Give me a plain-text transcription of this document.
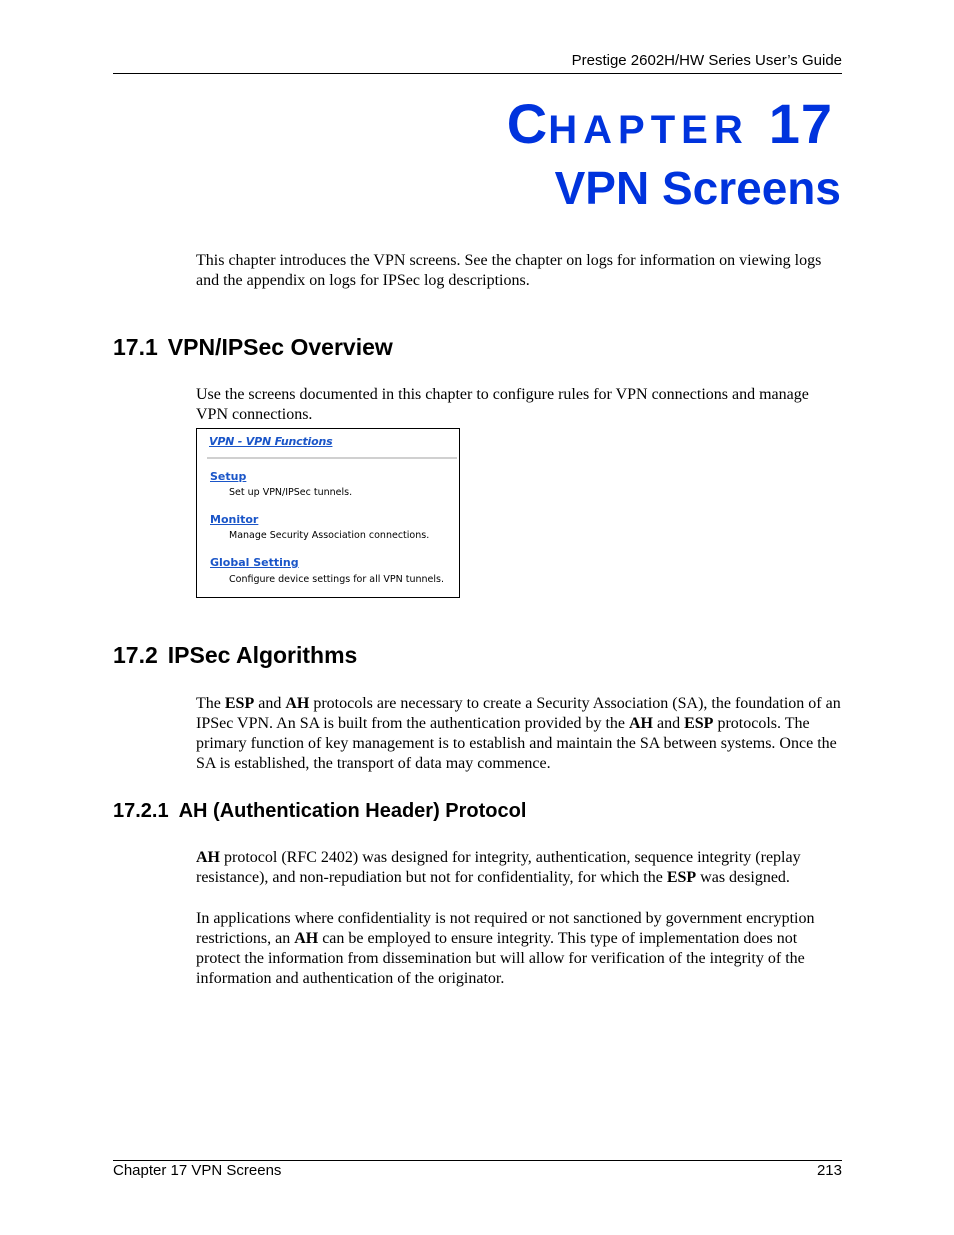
Prestige 2602H/HW Series User’s Guide
CHAPTER 17
VPN Screens

This chapter introduces the VPN screens. See the chapter on logs for information on viewing logs and the appendix on logs for IPSec log descriptions.

17.1 VPN/IPSec Overview

Use the screens documented in this chapter to configure rules for VPN connections and manage VPN connections.

VPN - VPN Functions
Setup
Set up VPN/IPSec tunnels.
Monitor
Manage Security Association connections.
Global Setting
Configure device settings for all VPN tunnels.
17.2 IPSec Algorithms

The ESP and AH protocols are necessary to create a Security Association (SA), the foundation of an IPSec VPN. An SA is built from the authentication provided by the AH and ESP protocols. The primary function of key management is to establish and maintain the SA between systems. Once the SA is established, the transport of data may commence.

17.2.1 AH (Authentication Header) Protocol

AH protocol (RFC 2402) was designed for integrity, authentication, sequence integrity (replay resistance), and non-repudiation but not for confidentiality, for which the ESP was designed.

In applications where confidentiality is not required or not sanctioned by government encryption restrictions, an AH can be employed to ensure integrity. This type of implementation does not protect the information from dissemination but will allow for verification of the integrity of the information and authentication of the originator.

Chapter 17 VPN Screens	213
